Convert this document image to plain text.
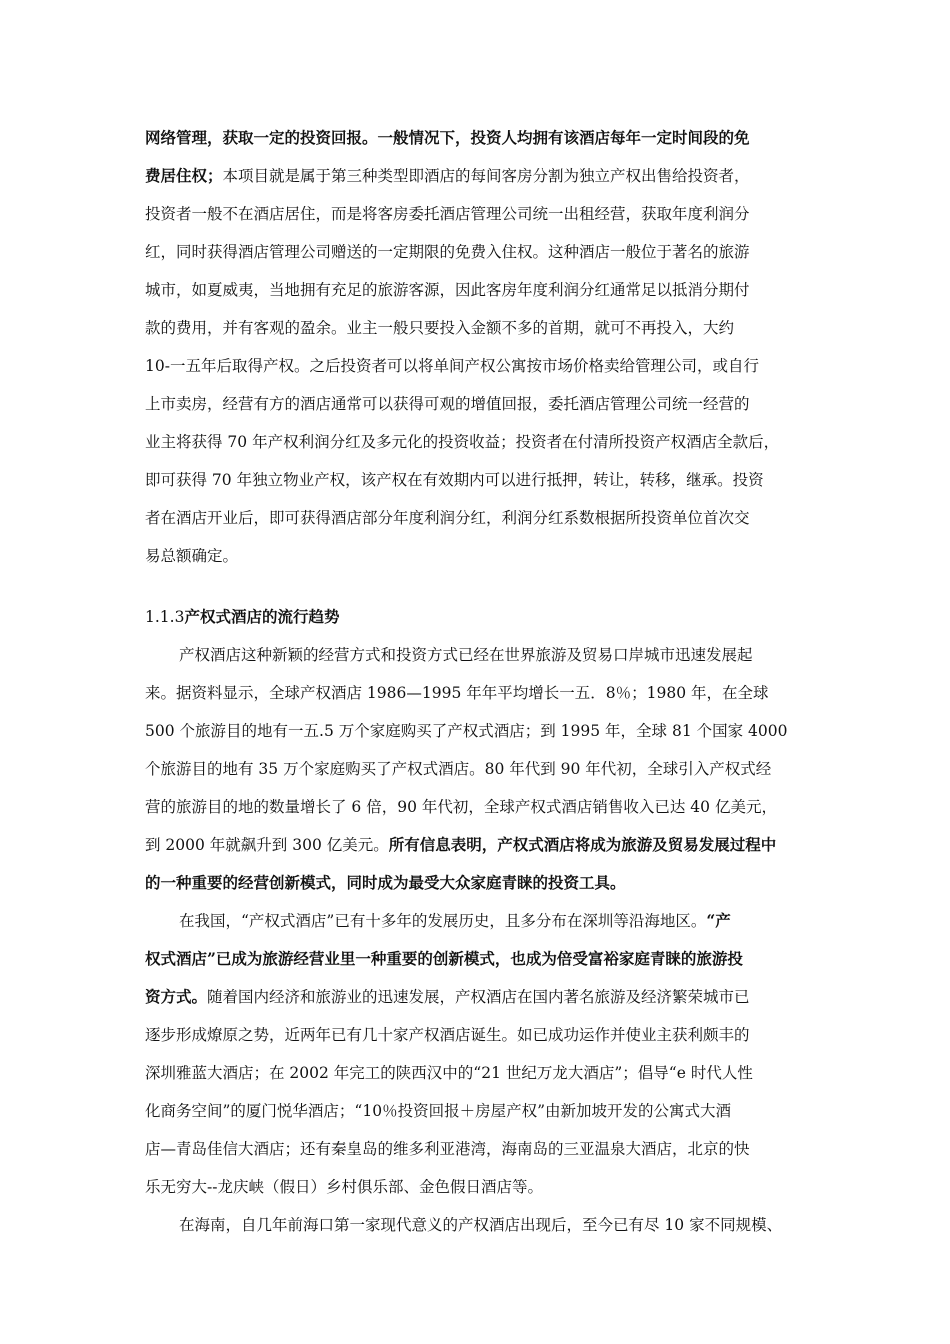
网络管理，获取一定的投资回报。一般情况下，投资人均拥有该酒店每年一定时间段的免
费居住权；本项目就是属于第三种类型即酒店的每间客房分割为独立产权出售给投资者，
投资者一般不在酒店居住，而是将客房委托酒店管理公司统一出租经营，获取年度利润分
红，同时获得酒店管理公司赠送的一定期限的免费入住权。这种酒店一般位于著名的旅游
城市，如夏威夷，当地拥有充足的旅游客源，因此客房年度利润分红通常足以抵消分期付
款的费用，并有客观的盈余。业主一般只要投入金额不多的首期，就可不再投入，大约
10-一五年后取得产权。之后投资者可以将单间产权公寓按市场价格卖给管理公司，或自行
上市卖房，经营有方的酒店通常可以获得可观的增值回报，委托酒店管理公司统一经营的
业主将获得 70 年产权利润分红及多元化的投资收益；投资者在付清所投资产权酒店全款后，
即可获得 70 年独立物业产权，该产权在有效期内可以进行抵押，转让，转移，继承。投资
者在酒店开业后，即可获得酒店部分年度利润分红，利润分红系数根据所投资单位首次交
易总额确定。
1.1.3产权式酒店的流行趋势
产权酒店这种新颖的经营方式和投资方式已经在世界旅游及贸易口岸城市迅速发展起
来。据资料显示，全球产权酒店 1986—1995 年年平均增长一五．8％；1980 年，在全球
500 个旅游目的地有一五.5 万个家庭购买了产权式酒店；到 1995 年，全球 81 个国家 4000
个旅游目的地有 35 万个家庭购买了产权式酒店。80 年代到 90 年代初，全球引入产权式经
营的旅游目的地的数量增长了 6 倍，90 年代初，全球产权式酒店销售收入已达 40 亿美元，
到 2000 年就飙升到 300 亿美元。所有信息表明，产权式酒店将成为旅游及贸易发展过程中
的一种重要的经营创新模式，同时成为最受大众家庭青睐的投资工具。
在我国，“产权式酒店”已有十多年的发展历史，且多分布在深圳等沿海地区。“产
权式酒店”已成为旅游经营业里一种重要的创新模式，也成为倍受富裕家庭青睐的旅游投
资方式。随着国内经济和旅游业的迅速发展，产权酒店在国内著名旅游及经济繁荣城市已
逐步形成燎原之势，近两年已有几十家产权酒店诞生。如已成功运作并使业主获利颇丰的
深圳雅蓝大酒店；在 2002 年完工的陕西汉中的“21 世纪万龙大酒店”；倡导“e 时代人性
化商务空间”的厦门悦华酒店；“10％投资回报＋房屋产权”由新加坡开发的公寓式大酒
店—青岛佳信大酒店；还有秦皇岛的维多利亚港湾，海南岛的三亚温泉大酒店，北京的快
乐无穷大--龙庆峡（假日）乡村俱乐部、金色假日酒店等。
在海南，自几年前海口第一家现代意义的产权酒店出现后，至今已有尽 10 家不同规模、
